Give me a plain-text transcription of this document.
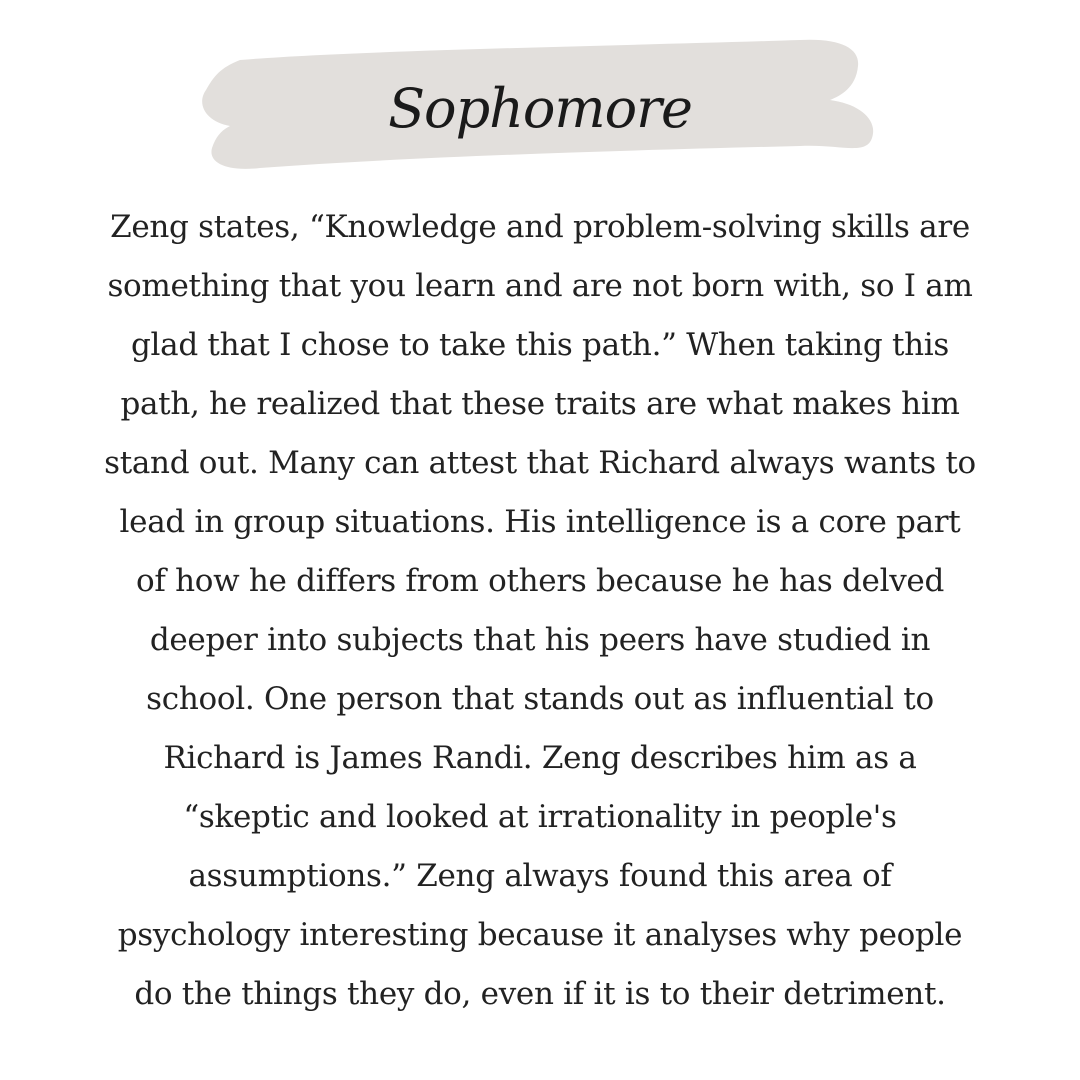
Sophomore

Zeng states, “Knowledge and problem-solving skills are
something that you learn and are not born with, so I am
glad that I chose to take this path.” When taking this
path, he realized that these traits are what makes him
stand out. Many can attest that Richard always wants to
lead in group situations. His intelligence is a core part
of how he differs from others because he has delved
deeper into subjects that his peers have studied in
school. One person that stands out as influential to
Richard is James Randi. Zeng describes him as a
“skeptic and looked at irrationality in people's
assumptions.” Zeng always found this area of
psychology interesting because it analyses why people
do the things they do, even if it is to their detriment.
